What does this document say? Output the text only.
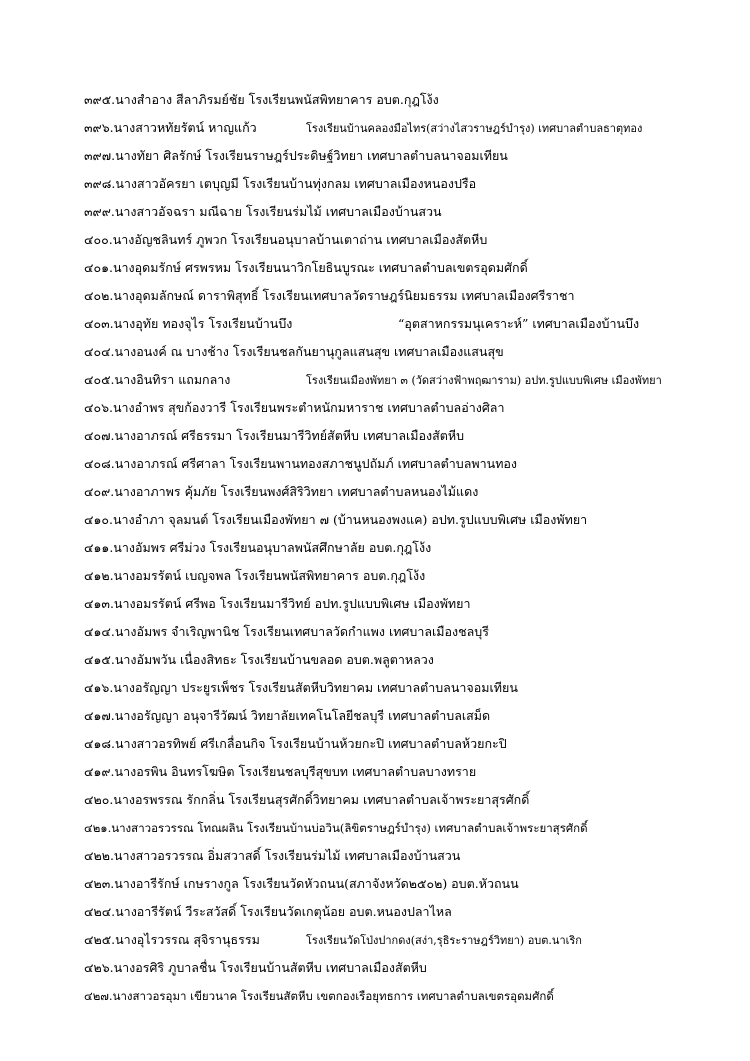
๓๙๕.นางสำอาง สีลาภิรมย์ชัย โรงเรียนพนัสพิทยาคาร อบต.กุฎโง้ง
๓๙๖.นางสาวหทัยรัตน์ หาญแก้ว	โรงเรียนบ้านคลองมือไทร(สว่างไสวราษฎร์บำรุง) เทศบาลตำบลธาตุทอง
๓๙๗.นางทัยา ศิลรักษ์ โรงเรียนราษฎร์ประดิษฐ์วิทยา เทศบาลตำบลนาจอมเทียน
๓๙๘.นางสาวอัครยา เตบุญมี โรงเรียนบ้านทุ่งกลม เทศบาลเมืองหนองปรือ
๓๙๙.นางสาวอัจฉรา มณีฉาย โรงเรียนร่มไม้ เทศบาลเมืองบ้านสวน
๔๐๐.นางอัญชลินทร์ ภูพวก โรงเรียนอนุบาลบ้านเตาถ่าน เทศบาลเมืองสัตหีบ
๔๐๑.นางอุดมรักษ์ ศรพรหม โรงเรียนนาวิกโยธินบูรณะ เทศบาลตำบลเขตรอุดมศักดิ์
๔๐๒.นางอุดมลักษณ์ ดาราพิสุทธิ์ โรงเรียนเทศบาลวัดราษฎร์นิยมธรรม เทศบาลเมืองศรีราชา
๔๐๓.นางอุทัย ทองจุไร โรงเรียนบ้านบึง	“อุตสาหกรรมนุเคราะห์” เทศบาลเมืองบ้านบึง
๔๐๔.นางอนงค์ ณ บางช้าง โรงเรียนชลกันยานุกูลแสนสุข เทศบาลเมืองแสนสุข
๔๐๕.นางอินทิรา แถมกลาง	โรงเรียนเมืองพัทยา ๓ (วัดสว่างฟ้าพฤฒาราม) อปท.รูปแบบพิเศษ เมืองพัทยา
๔๐๖.นางอำพร สุขก้องวารี โรงเรียนพระตำหนักมหาราช เทศบาลตำบลอ่างศิลา
๔๐๗.นางอาภรณ์ ศรีธรรมา โรงเรียนมารีวิทย์สัตหีบ เทศบาลเมืองสัตหีบ
๔๐๘.นางอาภรณ์ ศรีศาลา โรงเรียนพานทองสภาชนูปถัมภ์ เทศบาลตำบลพานทอง
๔๐๙.นางอาภาพร คุ้มภัย โรงเรียนพงศ์สิริวิทยา เทศบาลตำบลหนองไม้แดง
๔๑๐.นางอำภา จุลมนต์ โรงเรียนเมืองพัทยา ๗ (บ้านหนองพงแค) อปท.รูปแบบพิเศษ เมืองพัทยา
๔๑๑.นางอัมพร ศรีม่วง โรงเรียนอนุบาลพนัสศึกษาลัย อบต.กุฎโง้ง
๔๑๒.นางอมรรัตน์ เบญจพล โรงเรียนพนัสพิทยาคาร อบต.กุฎโง้ง
๔๑๓.นางอมรรัตน์ ศรีพอ โรงเรียนมารีวิทย์ อปท.รูปแบบพิเศษ เมืองพัทยา
๔๑๔.นางอัมพร จำเริญพานิช โรงเรียนเทศบาลวัดกำแพง เทศบาลเมืองชลบุรี
๔๑๕.นางอัมพวัน เนื่องสิทธะ โรงเรียนบ้านขลอด อบต.พลูตาหลวง
๔๑๖.นางอรัญญา ประยูรเพ็ชร โรงเรียนสัตหีบวิทยาคม เทศบาลตำบลนาจอมเทียน
๔๑๗.นางอรัญญา อนุจารีวัฒน์ วิทยาลัยเทคโนโลยีชลบุรี เทศบาลตำบลเสม็ด
๔๑๘.นางสาวอรทิพย์ ศรีเกลื่อนกิจ โรงเรียนบ้านห้วยกะปิ เทศบาลตำบลห้วยกะปิ
๔๑๙.นางอรพิน อินทรโฆษิต โรงเรียนชลบุรีสุขบท เทศบาลตำบลบางทราย
๔๒๐.นางอรพรรณ รักกลิ่น โรงเรียนสุรศักดิ์วิทยาคม เทศบาลตำบลเจ้าพระยาสุรศักดิ์
๔๒๑.นางสาวอรวรรณ โทณผลิน โรงเรียนบ้านบ่อวิน(ลิขิตราษฎร์บำรุง) เทศบาลตำบลเจ้าพระยาสุรศักดิ์
๔๒๒.นางสาวอรวรรณ อิ่มสวาสดิ์ โรงเรียนร่มไม้ เทศบาลเมืองบ้านสวน
๔๒๓.นางอารีรักษ์ เกษรางกูล โรงเรียนวัดหัวถนน(สภาจังหวัด๒๕๐๒) อบต.หัวถนน
๔๒๔.นางอารีรัตน์ วีระสวัสดิ์ โรงเรียนวัดเกตุน้อย อบต.หนองปลาไหล
๔๒๕.นางอุไรวรรณ สุจิรานุธรรม	โรงเรียนวัดโป่งปากดง(สง่า,รุธิระราษฎร์วิทยา) อบต.นาเริก
๔๒๖.นางอรศิริ ภูบาลชื่น โรงเรียนบ้านสัตหีบ เทศบาลเมืองสัตหีบ
๔๒๗.นางสาวอรอุมา เขียวนาค โรงเรียนสัตหีบ เขตกองเรือยุทธการ เทศบาลตำบลเขตรอุดมศักดิ์
